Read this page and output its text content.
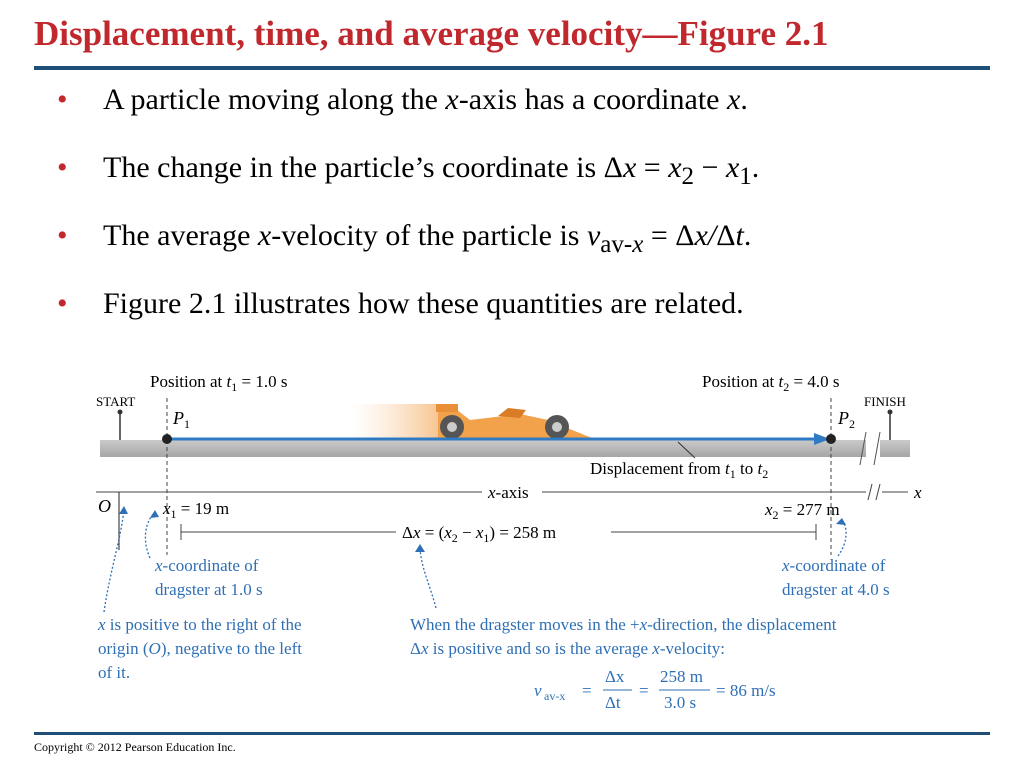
Displacement, time, and average velocity—Figure 2.1
• A particle moving along the x-axis has a coordinate x.
• The change in the particle’s coordinate is $\Delta x = x_2 - x_1$.
• The average x-velocity of the particle is $v_{av-x} = \Delta x/\Delta t$.
• Figure 2.1 illustrates how these quantities are related.
START	FINISH
Position at $t_1 = 1.0$ s	Position at $t_2 = 4.0$ s
$P_1$	$P_2$
Displacement from $t_1$ to $t_2$
x-axis	x
O	$x_1 = 19$ m	$x_2 = 277$ m
$\Delta x = (x_2 - x_1) = 258$ m
x-coordinate of
dragster at 1.0 s
x-coordinate of
dragster at 4.0 s
x is positive to the right of the
origin (O), negative to the left
of it.
When the dragster moves in the +x-direction, the displacement
Δx is positive and so is the average x-velocity:
v av-x =
Δx
Δt
=
258 m
3.0 s
= 86 m/s
Copyright © 2012 Pearson Education Inc.
